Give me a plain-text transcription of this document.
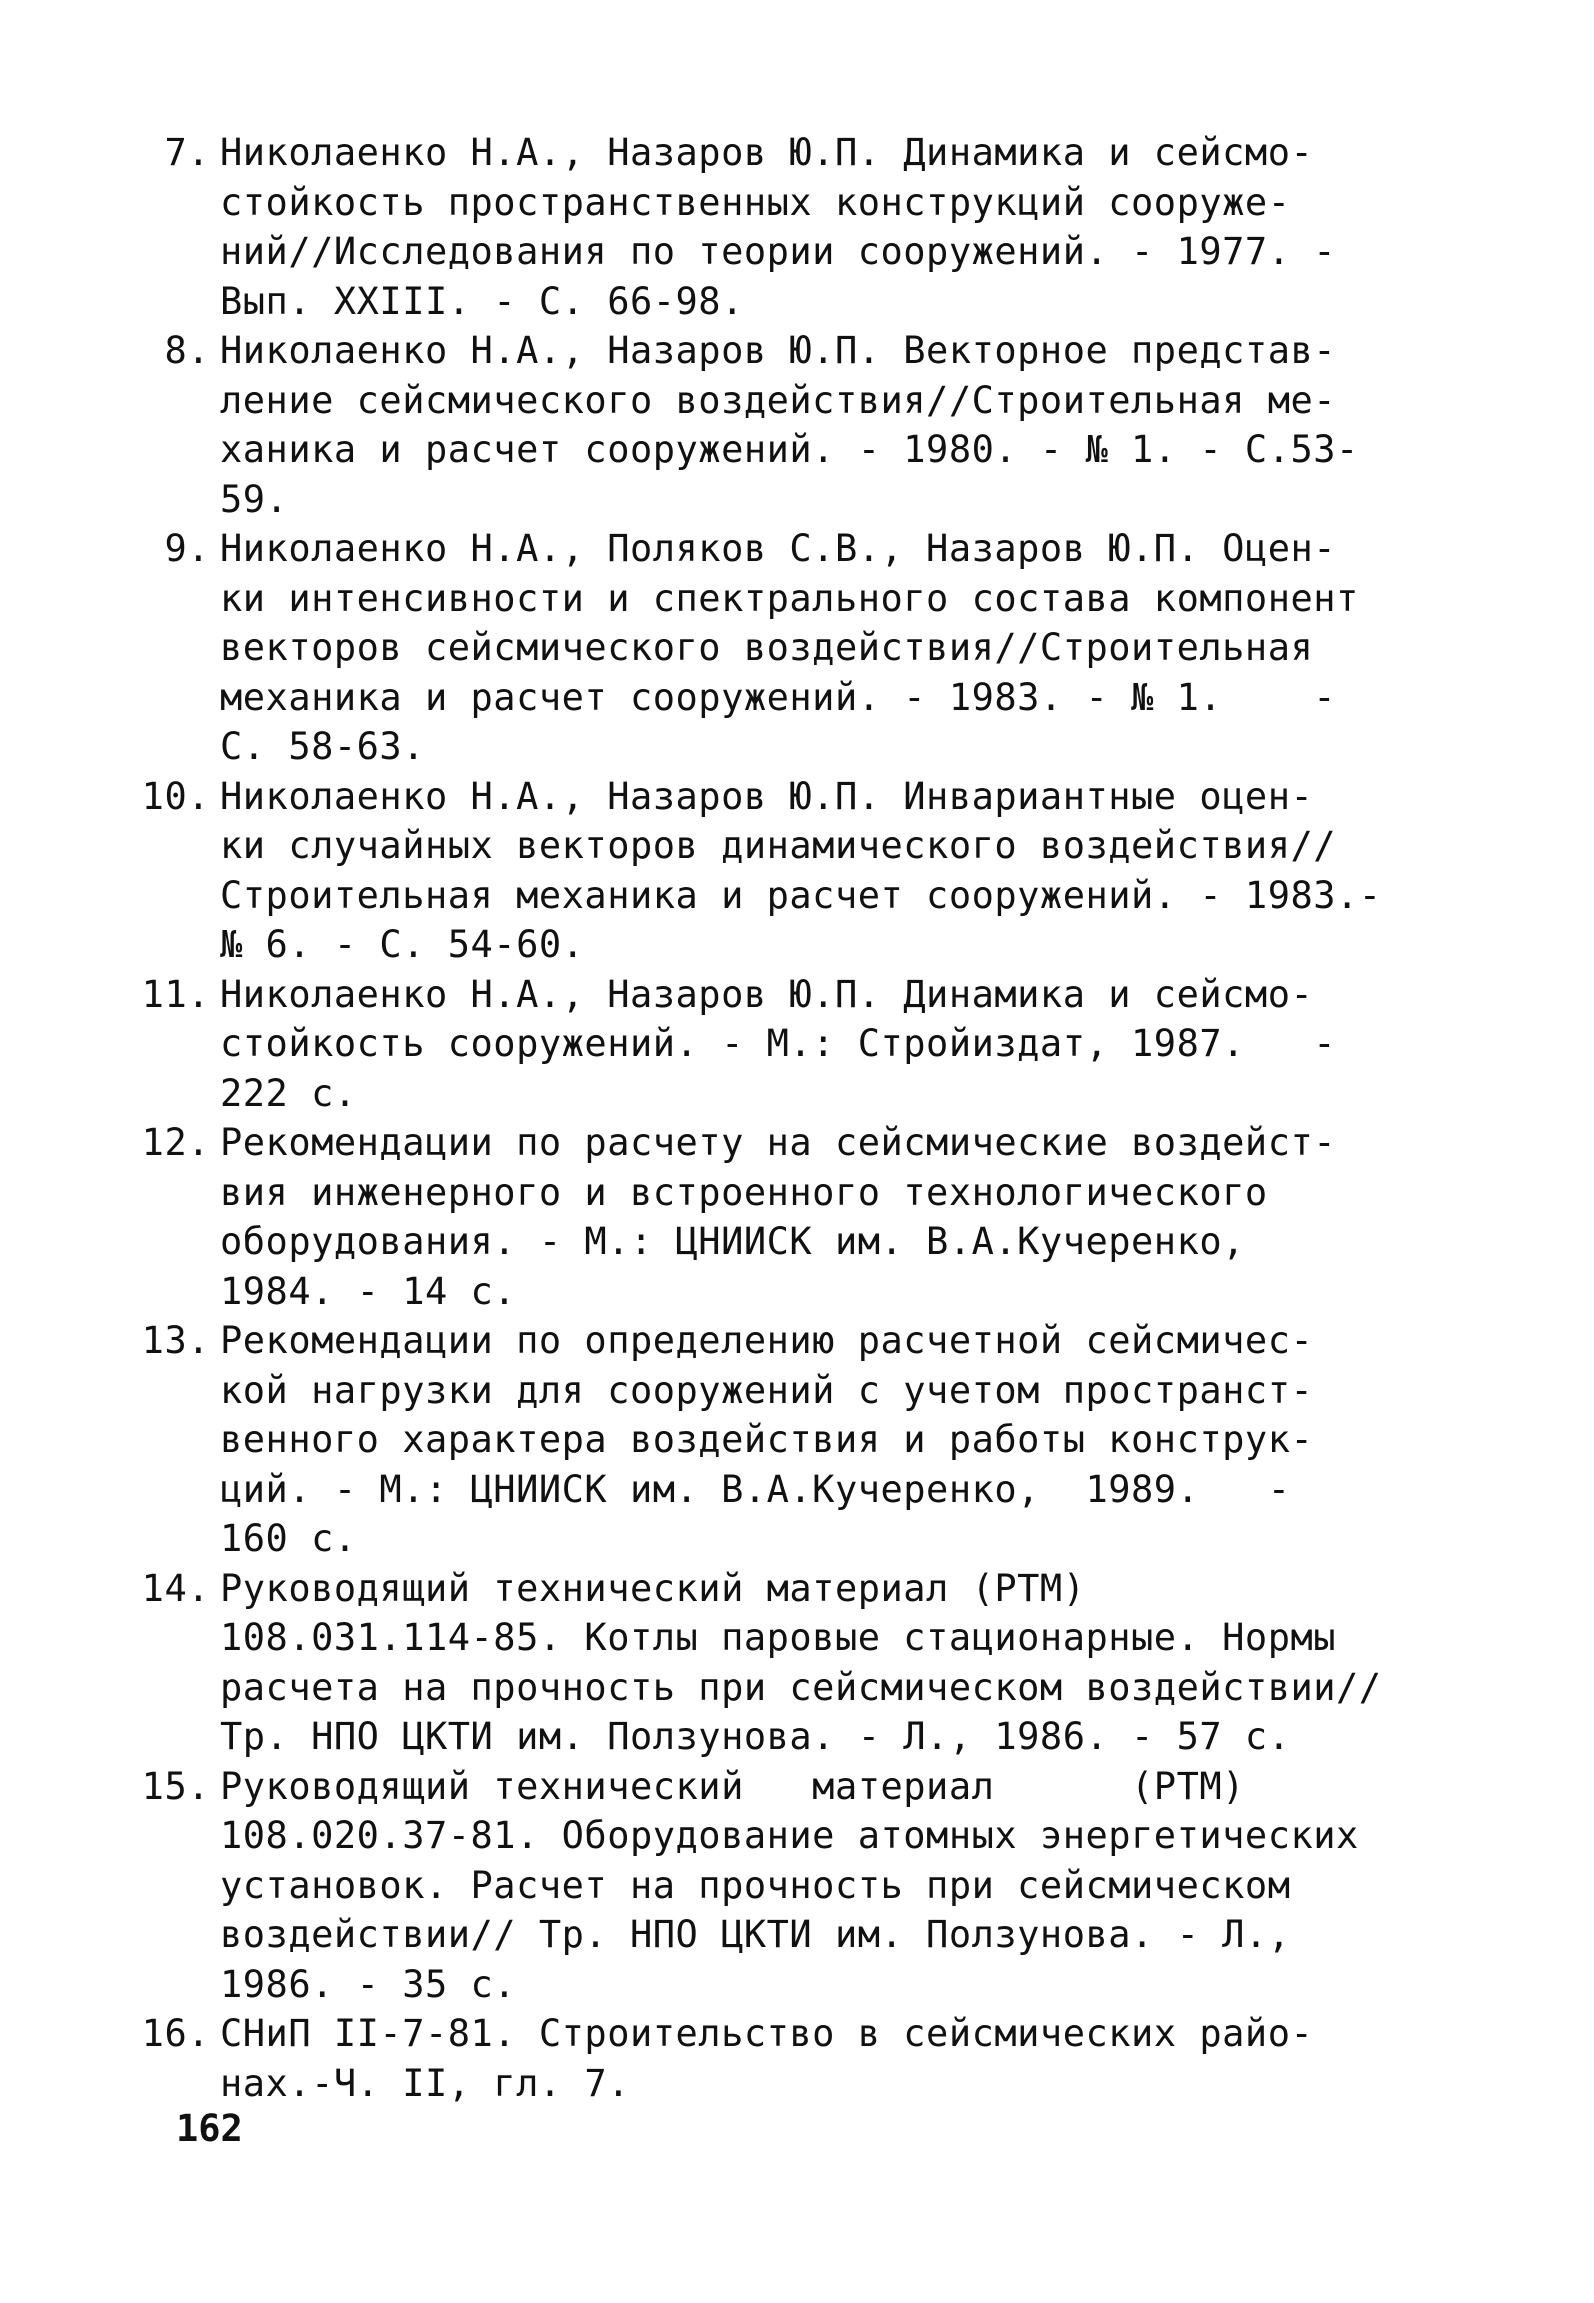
7. Николаенко Н.А., Назаров Ю.П. Динамика и сейсмо-
стойкость пространственных конструкций сооруже-
ний//Исследования по теории сооружений. - 1977. -
Вып. XXIII. - С. 66-98.
8. Николаенко Н.А., Назаров Ю.П. Векторное представ-
ление сейсмического воздействия//Строительная ме-
ханика и расчет сооружений. - 1980. - № 1. - С.53-
59.
9. Николаенко Н.А., Поляков С.В., Назаров Ю.П. Оцен-
ки интенсивности и спектрального состава компонент
векторов сейсмического воздействия//Строительная
механика и расчет сооружений. - 1983. - № 1.    -
С. 58-63.
10. Николаенко Н.А., Назаров Ю.П. Инвариантные оцен-
ки случайных векторов динамического воздействия//
Строительная механика и расчет сооружений. - 1983.-
№ 6. - С. 54-60.
11. Николаенко Н.А., Назаров Ю.П. Динамика и сейсмо-
стойкость сооружений. - М.: Стройиздат, 1987.   -
222 с.
12. Рекомендации по расчету на сейсмические воздейст-
вия инженерного и встроенного технологического
оборудования. - М.: ЦНИИСК им. В.А.Кучеренко,
1984. - 14 с.
13. Рекомендации по определению расчетной сейсмичес-
кой нагрузки для сооружений с учетом пространст-
венного характера воздействия и работы конструк-
ций. - М.: ЦНИИСК им. В.А.Кучеренко,  1989.   -
160 с.
14. Руководящий технический материал (РТМ)
108.031.114-85. Котлы паровые стационарные. Нормы
расчета на прочность при сейсмическом воздействии//
Тр. НПО ЦКТИ им. Ползунова. - Л., 1986. - 57 с.
15. Руководящий технический   материал      (РТМ)
108.020.37-81. Оборудование атомных энергетических
установок. Расчет на прочность при сейсмическом
воздействии// Тр. НПО ЦКТИ им. Ползунова. - Л.,
1986. - 35 с.
16. СНиП II-7-81. Строительство в сейсмических райо-
нах.-Ч. II, гл. 7.
162
